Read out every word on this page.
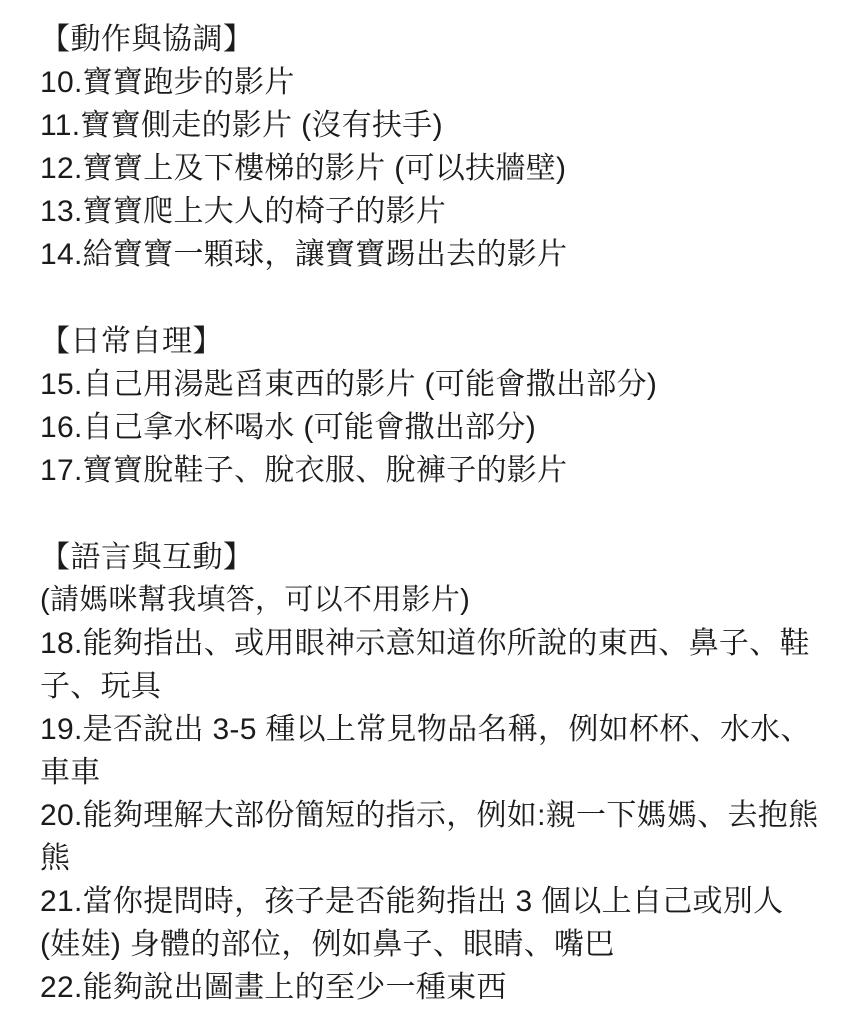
【動作與協調】
10.寶寶跑步的影片
11.寶寶側走的影片 (沒有扶手)
12.寶寶上及下樓梯的影片 (可以扶牆壁)
13.寶寶爬上大人的椅子的影片
14.給寶寶一顆球，讓寶寶踢出去的影片
【日常自理】
15.自己用湯匙舀東西的影片 (可能會撒出部分)
16.自己拿水杯喝水 (可能會撒出部分)
17.寶寶脫鞋子、脫衣服、脫褲子的影片
【語言與互動】
(請媽咪幫我填答，可以不用影片)
18.能夠指出、或用眼神示意知道你所說的東西、鼻子、鞋子、玩具
19.是否說出 3-5 種以上常見物品名稱，例如杯杯、水水、車車
20.能夠理解大部份簡短的指示，例如:親一下媽媽、去抱熊熊
21.當你提問時，孩子是否能夠指出 3 個以上自己或別人 (娃娃) 身體的部位，例如鼻子、眼睛、嘴巴
22.能夠說出圖畫上的至少一種東西
